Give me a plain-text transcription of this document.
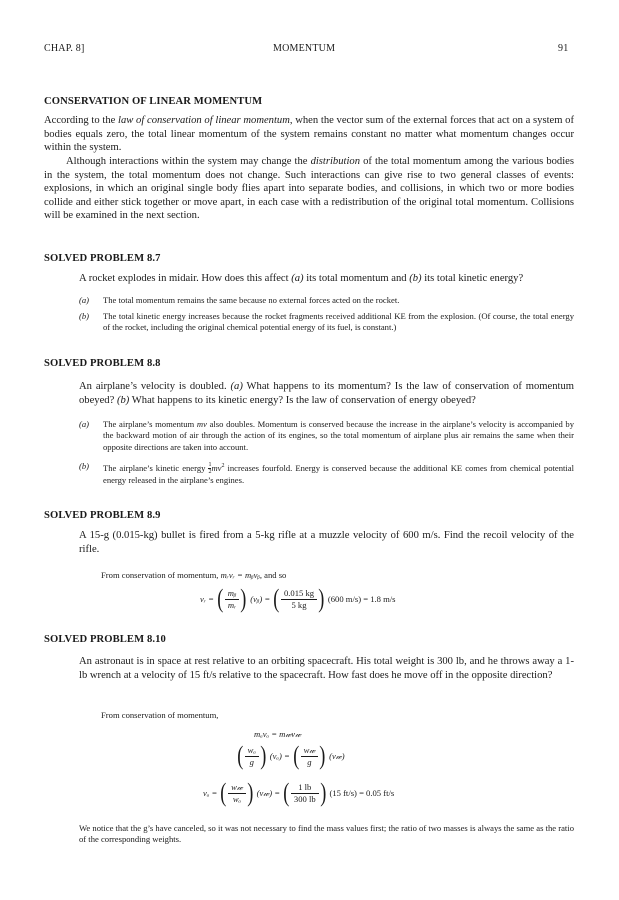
CHAP. 8]	MOMENTUM	91
CONSERVATION OF LINEAR MOMENTUM
According to the law of conservation of linear momentum, when the vector sum of the external forces that act on a system of bodies equals zero, the total linear momentum of the system remains constant no matter what momentum changes occur within the system.
Although interactions within the system may change the distribution of the total momentum among the various bodies in the system, the total momentum does not change. Such interactions can give rise to two general classes of events: explosions, in which an original single body flies apart into separate bodies, and collisions, in which two or more bodies collide and either stick together or move apart, in each case with a redistribution of the original total momentum. Collisions will be examined in the next section.
SOLVED PROBLEM 8.7
A rocket explodes in midair. How does this affect (a) its total momentum and (b) its total kinetic energy?
(a) The total momentum remains the same because no external forces acted on the rocket.
(b) The total kinetic energy increases because the rocket fragments received additional KE from the explosion. (Of course, the total energy of the rocket, including the original chemical potential energy of its fuel, is constant.)
SOLVED PROBLEM 8.8
An airplane’s velocity is doubled. (a) What happens to its momentum? Is the law of conservation of momentum obeyed? (b) What happens to its kinetic energy? Is the law of conservation of energy obeyed?
(a) The airplane’s momentum mv also doubles. Momentum is conserved because the increase in the airplane’s velocity is accompanied by the backward motion of air through the action of its engines, so the total momentum of airplane plus air remains the same when their opposite directions are taken into account.
(b) The airplane’s kinetic energy $\frac{1}{2} mv^2$ increases fourfold. Energy is conserved because the additional KE comes from chemical potential energy released in the airplane’s engines.
SOLVED PROBLEM 8.9
A 15-g (0.015-kg) bullet is fired from a 5-kg rifle at a muzzle velocity of 600 m/s. Find the recoil velocity of the rifle.
From conservation of momentum, mᵣvᵣ = mᵦvᵦ, and so
vᵣ = ( $\frac{\text{mᵦ}}{\text{mᵣ}}$ ) (vᵦ) = ( $\frac{0.015 kg}{5 kg}$ ) (600 m/s) = 1.8 m/s
SOLVED PROBLEM 8.10
An astronaut is in space at rest relative to an orbiting spacecraft. His total weight is 300 lb, and he throws away a 1-lb wrench at a velocity of 15 ft/s relative to the spacecraft. How fast does he move off in the opposite direction?
From conservation of momentum,
mₐvₐ = m𝓌v𝓌
( $\frac{\text{wₐ}}{g}$ ) (vₐ) = ( $\frac{\text{w𝓌}}{g}$ ) (v𝓌)
vₐ = ( $\frac{\text{w𝓌}}{\text{wₐ}}$ ) (v𝓌) = ( $\frac{1 lb}{300 lb}$ ) (15 ft/s) = 0.05 ft/s
We notice that the g’s have canceled, so it was not necessary to find the mass values first; the ratio of two masses is always the same as the ratio of the corresponding weights.
